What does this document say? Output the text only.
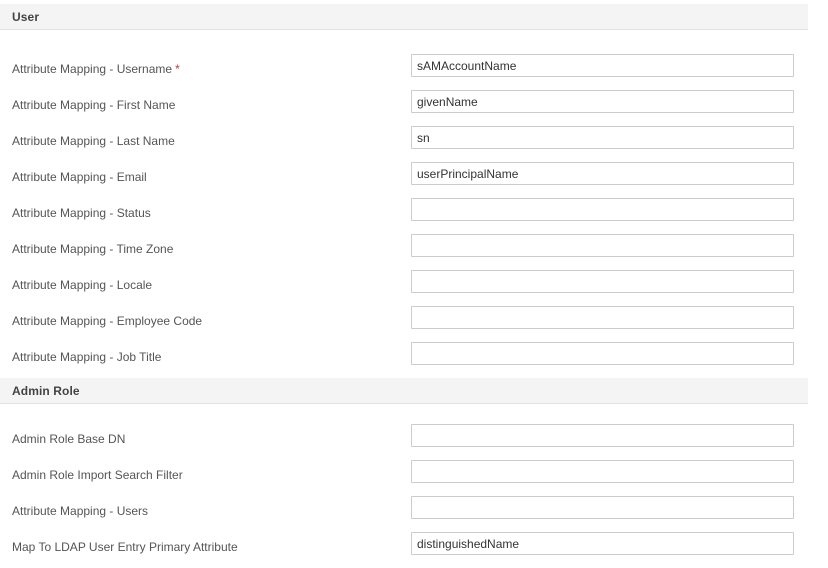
User
Attribute Mapping - Username *
sAMAccountName
Attribute Mapping - First Name
givenName
Attribute Mapping - Last Name
sn
Attribute Mapping - Email
userPrincipalName
Attribute Mapping - Status
Attribute Mapping - Time Zone
Attribute Mapping - Locale
Attribute Mapping - Employee Code
Attribute Mapping - Job Title
Admin Role
Admin Role Base DN
Admin Role Import Search Filter
Attribute Mapping - Users
Map To LDAP User Entry Primary Attribute
distinguishedName
